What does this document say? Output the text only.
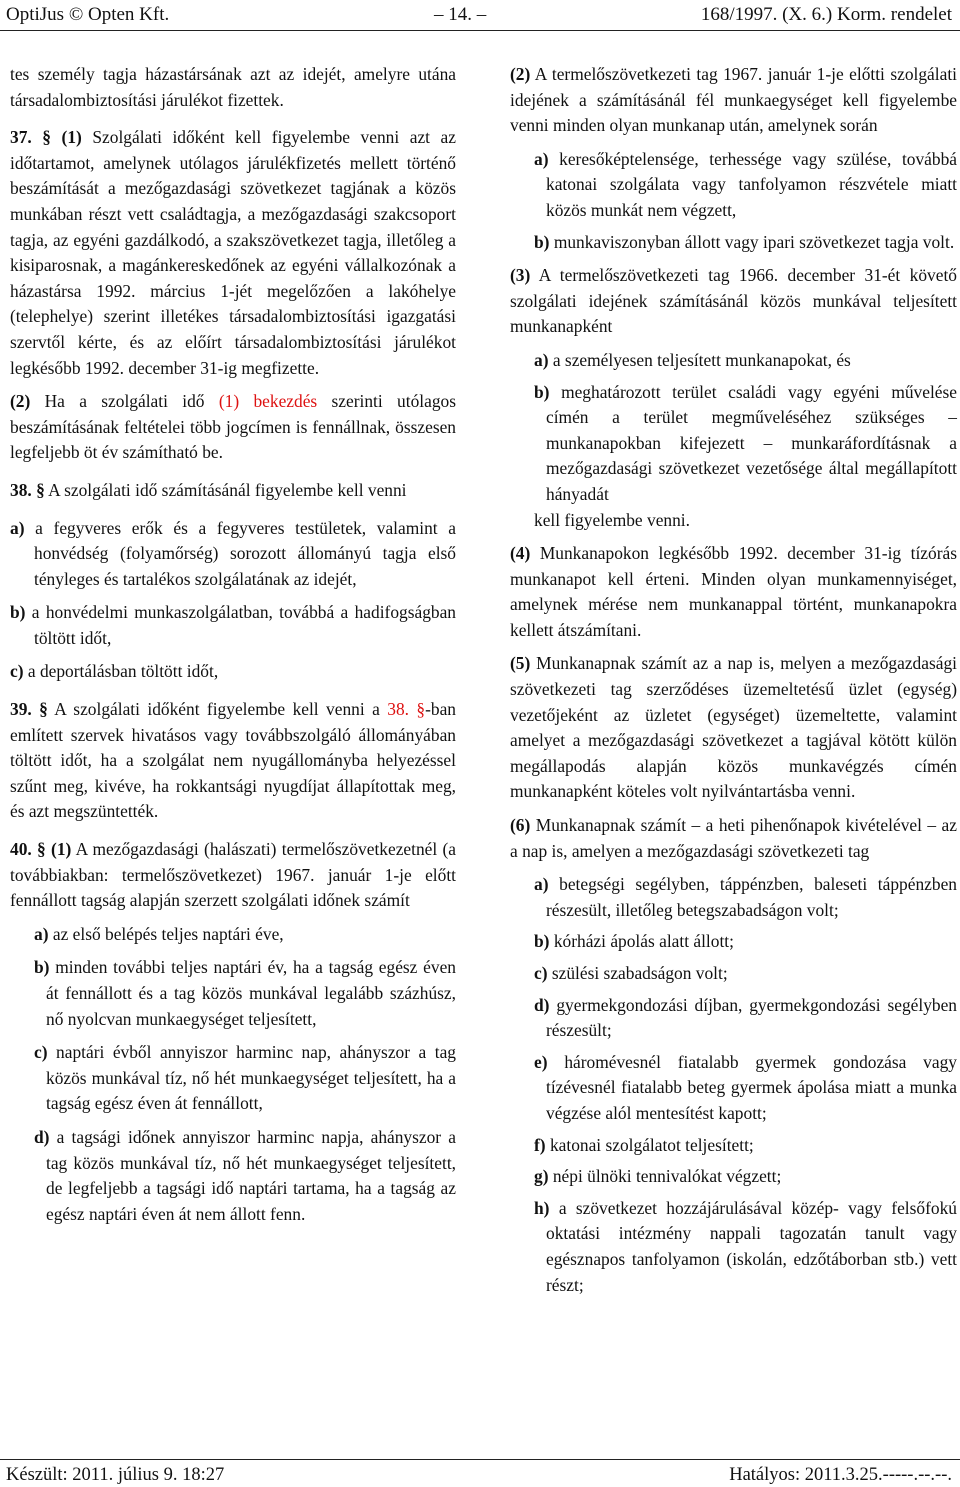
OptiJus © Opten Kft.	– 14. –	168/1997. (X. 6.) Korm. rendelet

tes személy tagja házastársának azt az idejét, amelyre utána társadalombiztosítási járulékot fizettek.

37. § (1) Szolgálati időként kell figyelembe venni azt az időtartamot, amelynek utólagos járulékfizetés mellett történő beszámítását a mezőgazdasági szövetkezet tagjának a közös munkában részt vett családtagja, a mezőgazdasági szakcsoport tagja, az egyéni gazdálkodó, a szakszövetkezet tagja, illetőleg a kisiparosnak, a magánkereskedőnek az egyéni vállalkozónak a házastársa 1992. március 1-jét megelőzően a lakóhelye (telephelye) szerint illetékes társadalombiztosítási igazgatási szervtől kérte, és az előírt társadalombiztosítási járulékot legkésőbb 1992. december 31-ig megfizette.

(2) Ha a szolgálati idő (1) bekezdés szerinti utólagos beszámításának feltételei több jogcímen is fennállnak, összesen legfeljebb öt év számítható be.

38. § A szolgálati idő számításánál figyelembe kell venni

a) a fegyveres erők és a fegyveres testületek, valamint a honvédség (folyamőrség) sorozott állományú tagja első tényleges és tartalékos szolgálatának az idejét,

b) a honvédelmi munkaszolgálatban, továbbá a hadifogságban töltött időt,

c) a deportálásban töltött időt,

39. § A szolgálati időként figyelembe kell venni a 38. §-ban említett szervek hivatásos vagy továbbszolgáló állományában töltött időt, ha a szolgálat nem nyugállományba helyezéssel szűnt meg, kivéve, ha rokkantsági nyugdíjat állapítottak meg, és azt megszüntették.

40. § (1) A mezőgazdasági (halászati) termelőszövetkezetnél (a továbbiakban: termelőszövetkezet) 1967. január 1-je előtt fennállott tagság alapján szerzett szolgálati időnek számít

a) az első belépés teljes naptári éve,

b) minden további teljes naptári év, ha a tagság egész éven át fennállott és a tag közös munkával legalább százhúsz, nő nyolcvan munkaegységet teljesített,

c) naptári évből annyiszor harminc nap, ahányszor a tag közös munkával tíz, nő hét munkaegységet teljesített, ha a tagság egész éven át fennállott,

d) a tagsági időnek annyiszor harminc napja, ahányszor a tag közös munkával tíz, nő hét munkaegységet teljesített, de legfeljebb a tagsági idő naptári tartama, ha a tagság az egész naptári éven át nem állott fenn.

(2) A termelőszövetkezeti tag 1967. január 1-je előtti szolgálati idejének a számításánál fél munkaegységet kell figyelembe venni minden olyan munkanap után, amelynek során

a) keresőképtelensége, terhessége vagy szülése, továbbá katonai szolgálata vagy tanfolyamon részvétele miatt közös munkát nem végzett,

b) munkaviszonyban állott vagy ipari szövetkezet tagja volt.

(3) A termelőszövetkezeti tag 1966. december 31-ét követő szolgálati idejének számításánál közös munkával teljesített munkanapként

a) a személyesen teljesített munkanapokat, és

b) meghatározott terület családi vagy egyéni művelése címén a terület megműveléséhez szükséges – munkanapokban kifejezett – munkaráfordításnak a mezőgazdasági szövetkezet vezetősége által megállapított hányadát

kell figyelembe venni.

(4) Munkanapokon legkésőbb 1992. december 31-ig tízórás munkanapot kell érteni. Minden olyan munkamennyiséget, amelynek mérése nem munkanappal történt, munkanapokra kellett átszámítani.

(5) Munkanapnak számít az a nap is, melyen a mezőgazdasági szövetkezeti tag szerződéses üzemeltetésű üzlet (egység) vezetőjeként az üzletet (egységet) üzemeltette, valamint amelyet a mezőgazdasági szövetkezet a tagjával kötött külön megállapodás alapján közös munkavégzés címén munkanapként köteles volt nyilvántartásba venni.

(6) Munkanapnak számít – a heti pihenőnapok kivételével – az a nap is, amelyen a mezőgazdasági szövetkezeti tag

a) betegségi segélyben, táppénzben, baleseti táppénzben részesült, illetőleg betegszabadságon volt;

b) kórházi ápolás alatt állott;

c) szülési szabadságon volt;

d) gyermekgondozási díjban, gyermekgondozási segélyben részesült;

e) háromévesnél fiatalabb gyermek gondozása vagy tízévesnél fiatalabb beteg gyermek ápolása miatt a munka végzése alól mentesítést kapott;

f) katonai szolgálatot teljesített;

g) népi ülnöki tennivalókat végzett;

h) a szövetkezet hozzájárulásával közép- vagy felsőfokú oktatási intézmény nappali tagozatán tanult vagy egésznapos tanfolyamon (iskolán, edzőtáborban stb.) vett részt;

Készült: 2011. július 9. 18:27	Hatályos: 2011.3.25.-----.--.--.
